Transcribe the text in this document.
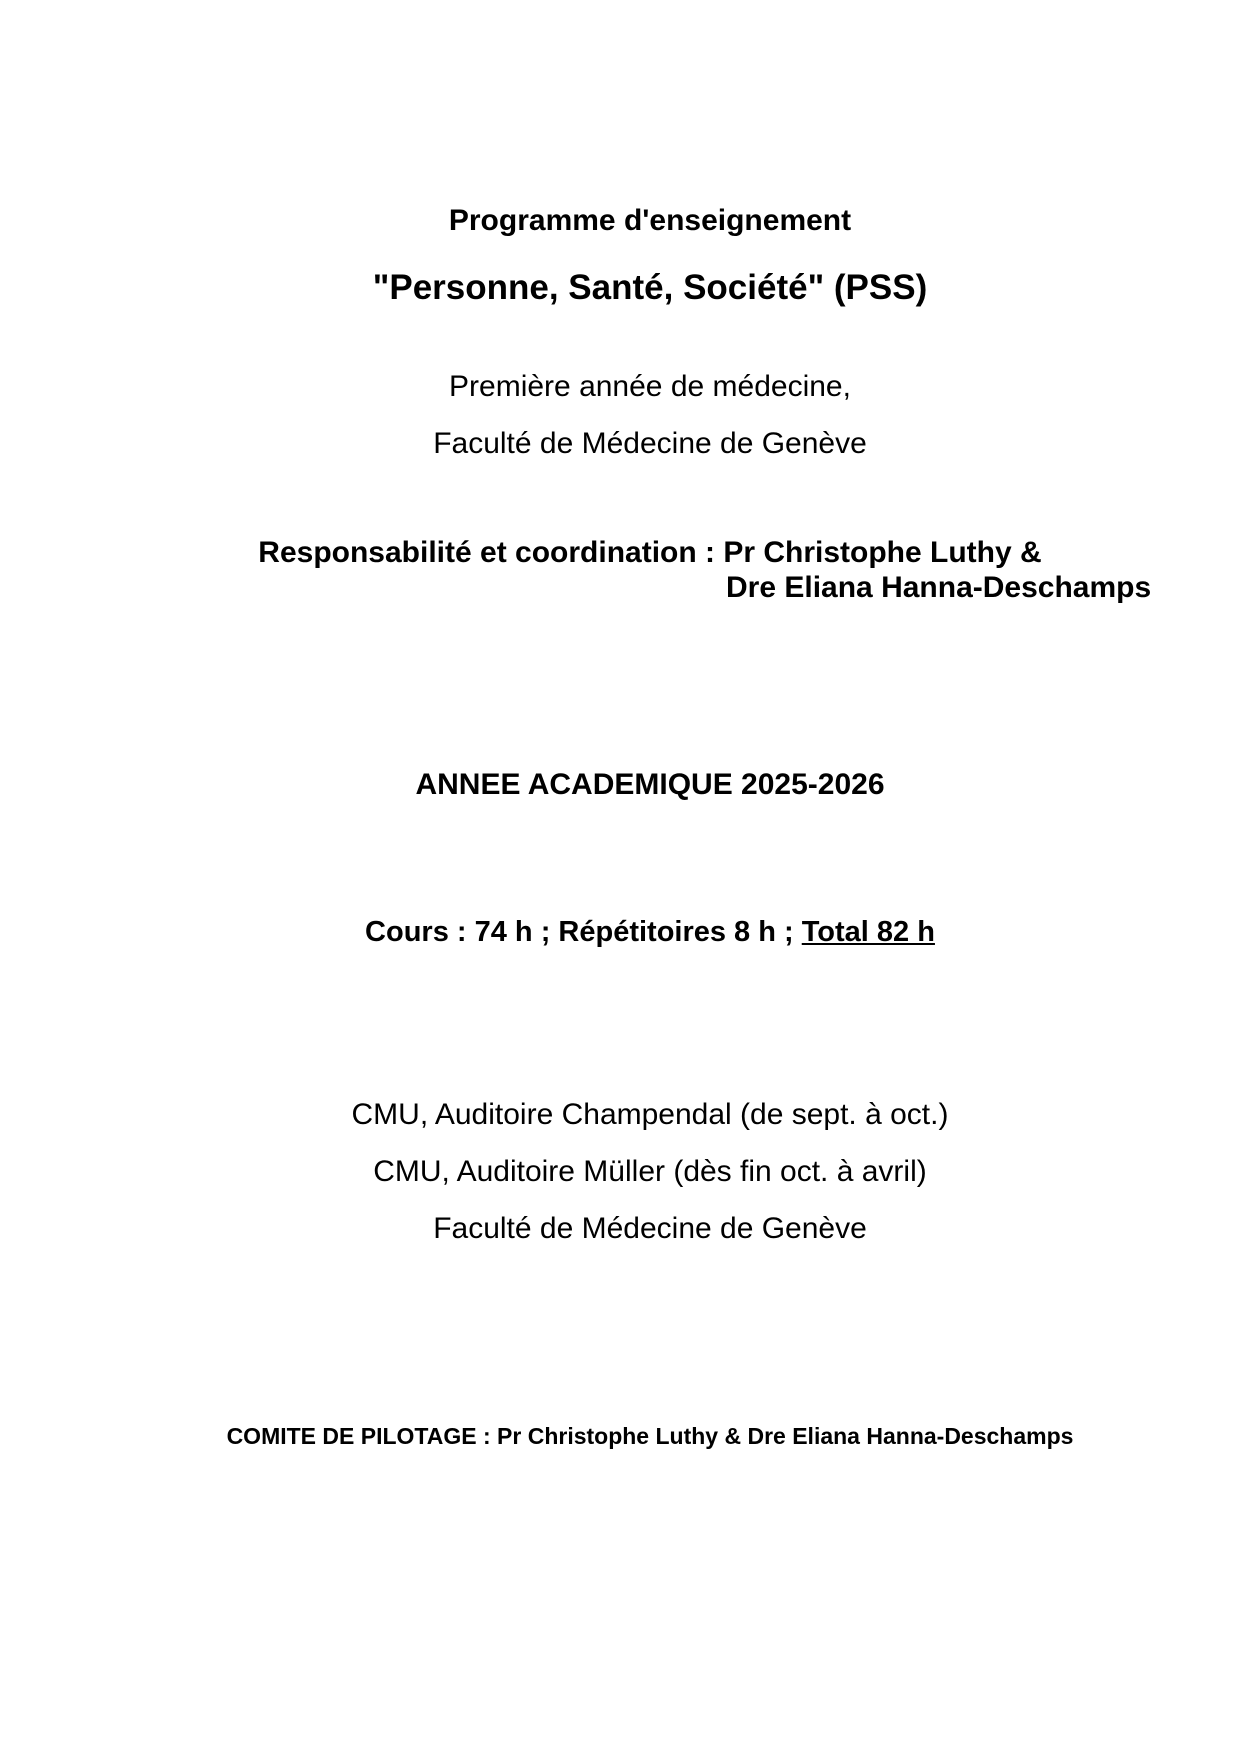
Programme d'enseignement
"Personne, Santé, Société" (PSS)
Première année de médecine,
Faculté de Médecine de Genève
Responsabilité et coordination : Pr Christophe Luthy &
Dre Eliana Hanna-Deschamps
ANNEE ACADEMIQUE 2025-2026
Cours : 74 h ; Répétitoires 8 h ; Total 82 h
CMU, Auditoire Champendal (de sept. à oct.)
CMU, Auditoire Müller (dès fin oct. à avril)
Faculté de Médecine de Genève
COMITE DE PILOTAGE : Pr Christophe Luthy & Dre Eliana Hanna-Deschamps
